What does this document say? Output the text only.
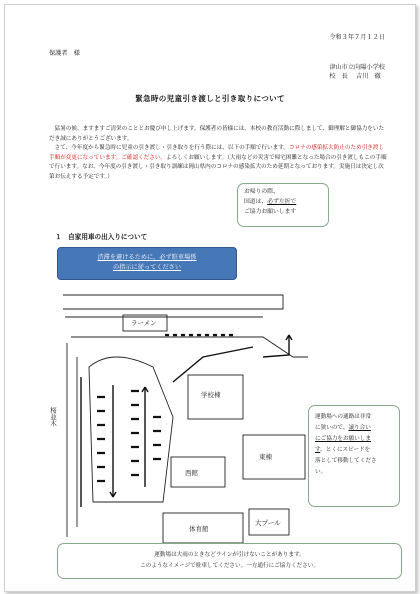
令和３年７月１２日
保護者　様
津山市立向陽小学校
校　長　 吉川　徹
緊急時の児童引き渡しと引き取りについて

猛暑の候、ますますご清栄のこととお慶び申し上げます。保護者の皆様には、本校の教育活動に際しまして、御理解と御協力をいただき誠にありがとうございます。

さて、今年度から緊急時に児童の引き渡し・引き取りを行う際には、以下の手順で行います。コロナの感染拡大防止のため引き渡し手順が変更になっています。ご確認ください。よろしくお願いします。（大雨などの災害で帰宅困難となった場合の引き渡しもこの手順で行います。なお、今年度の引き渡し・引き取り訓練は岡山県内のコロナの感染拡大のため延期となっております。実施日は決定し次第お伝えする予定です。）

１　自家用車の出入りについて
渋滞を避けるために、必ず駐車場係
の指示に従ってください
ラーメン
学校棟
東棟
西館
体育館
大プール
桜並木
お帰りの際、
国道は、必ず左折で
ご協力お願いします
運動場への通路は非常
に狭いので、譲り合い
にご協力をお願いしま
す。とくにスピードを
落として移動してくださ
い。
運動場は大雨のときなどラインが引けないことがあります。
このようなイメージで駐車してください。一方通行にご協力ください。
